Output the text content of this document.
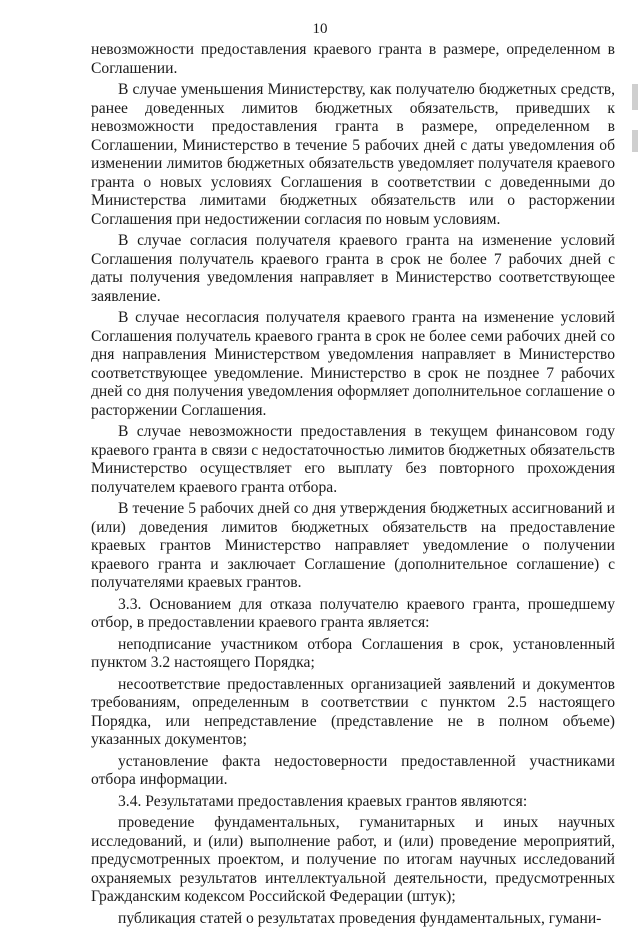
10

невозможности предоставления краевого гранта в размере, определенном в Соглашении.

В случае уменьшения Министерству, как получателю бюджетных средств, ранее доведенных лимитов бюджетных обязательств, приведших к невозможности предоставления гранта в размере, определенном в Соглашении, Министерство в течение 5 рабочих дней с даты уведомления об изменении лимитов бюджетных обязательств уведомляет получателя краевого гранта о новых условиях Соглашения в соответствии с доведенными до Министерства лимитами бюджетных обязательств или о расторжении Соглашения при недостижении согласия по новым условиям.

В случае согласия получателя краевого гранта на изменение условий Соглашения получатель краевого гранта в срок не более 7 рабочих дней с даты получения уведомления направляет в Министерство соответствующее заявление.

В случае несогласия получателя краевого гранта на изменение условий Соглашения получатель краевого гранта в срок не более семи рабочих дней со дня направления Министерством уведомления направляет в Министерство соответствующее уведомление. Министерство в срок не позднее 7 рабочих дней со дня получения уведомления оформляет дополнительное соглашение о расторжении Соглашения.

В случае невозможности предоставления в текущем финансовом году краевого гранта в связи с недостаточностью лимитов бюджетных обязательств Министерство осуществляет его выплату без повторного прохождения получателем краевого гранта отбора.

В течение 5 рабочих дней со дня утверждения бюджетных ассигнований и (или) доведения лимитов бюджетных обязательств на предоставление краевых грантов Министерство направляет уведомление о получении краевого гранта и заключает Соглашение (дополнительное соглашение) с получателями краевых грантов.

3.3. Основанием для отказа получателю краевого гранта, прошедшему отбор, в предоставлении краевого гранта является:

неподписание участником отбора Соглашения в срок, установленный пунктом 3.2 настоящего Порядка;

несоответствие предоставленных организацией заявлений и документов требованиям, определенным в соответствии с пунктом 2.5 настоящего Порядка, или непредставление (представление не в полном объеме) указанных документов;

установление факта недостоверности предоставленной участниками отбора информации.

3.4. Результатами предоставления краевых грантов являются:

проведение фундаментальных, гуманитарных и иных научных исследований, и (или) выполнение работ, и (или) проведение мероприятий, предусмотренных проектом, и получение по итогам научных исследований охраняемых результатов интеллектуальной деятельности, предусмотренных Гражданским кодексом Российской Федерации (штук);

публикация статей о результатах проведения фундаментальных, гумани-
